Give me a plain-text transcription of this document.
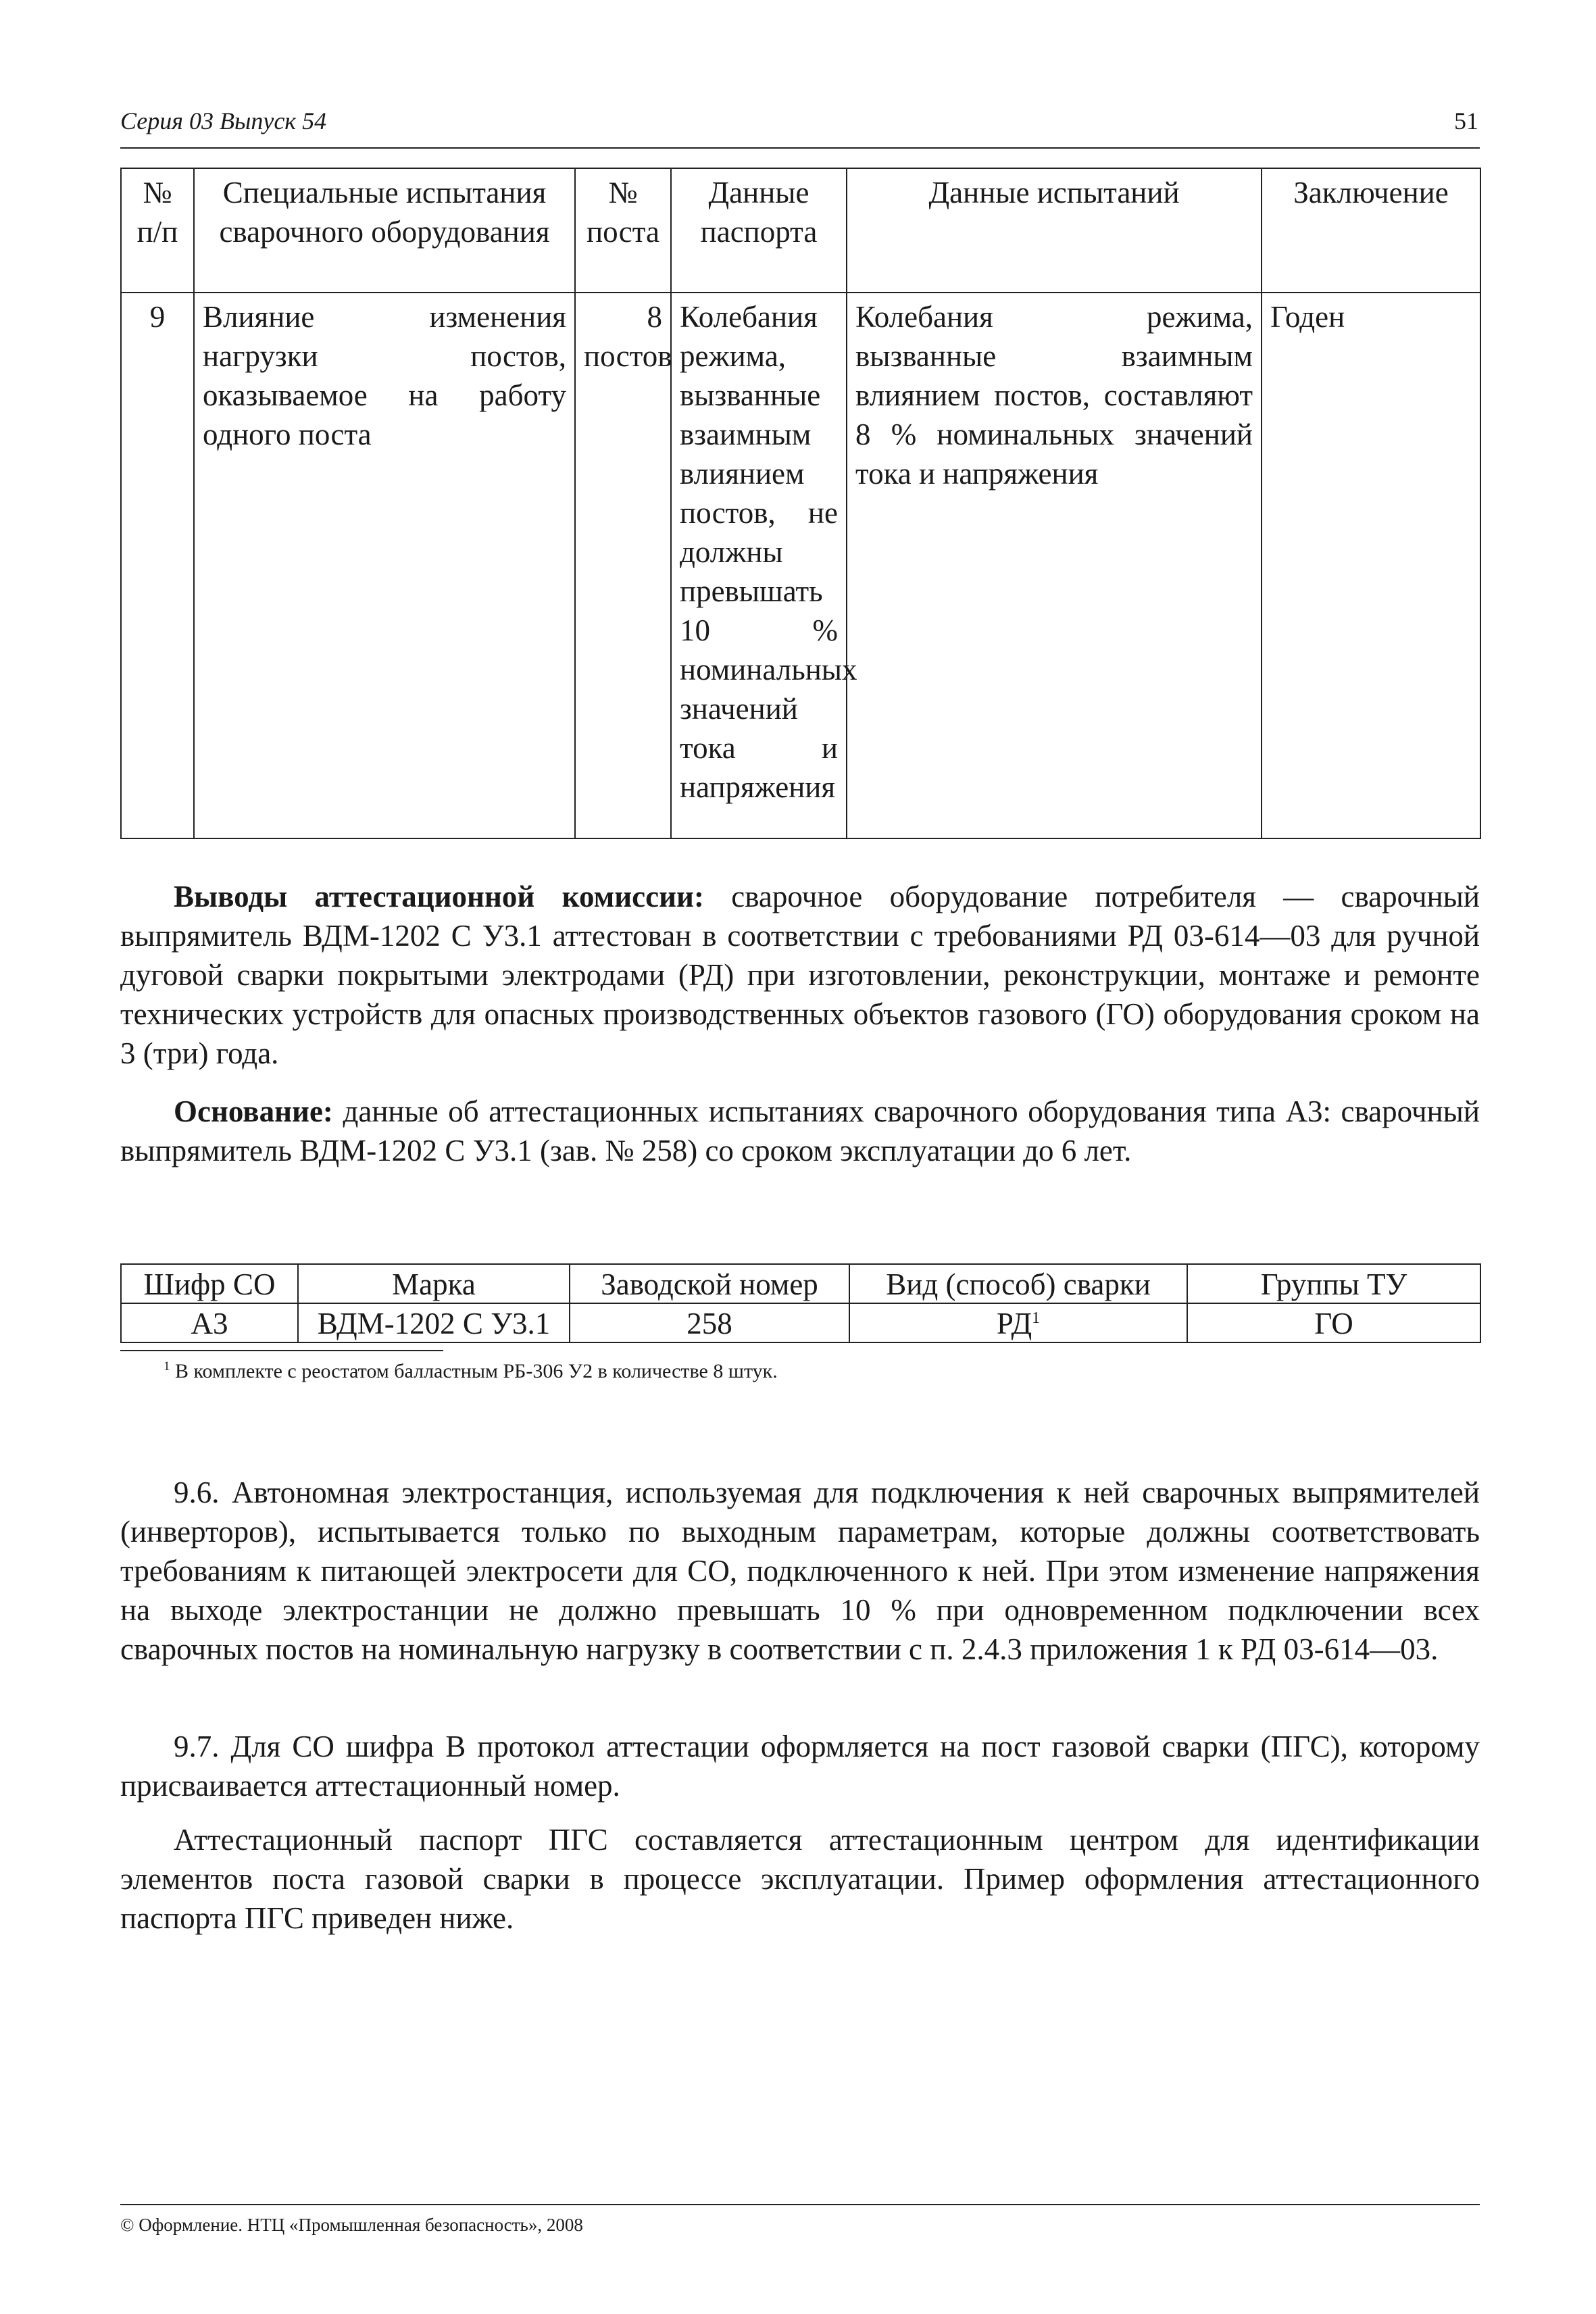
Серия 03 Выпуск 54	51
№ п/п	Специальные испытания сварочного оборудования	№ поста	Данные паспорта	Данные испытаний	Заключение
9	Влияние изменения нагрузки постов, оказываемое на работу одного поста	8 постов	Колебания режима, вызванные взаимным влиянием постов, не должны превышать 10 % номинальных значений тока и напряжения	Колебания режима, вызванные взаимным влиянием постов, составляют 8 % номинальных значений тока и напряжения	Годен

Выводы аттестационной комиссии: сварочное оборудование потребителя — сварочный выпрямитель ВДМ-1202 С У3.1 аттестован в соответствии с требованиями РД 03-614—03 для ручной дуговой сварки покрытыми электродами (РД) при изготовлении, реконструкции, монтаже и ремонте технических устройств для опасных производственных объектов газового (ГО) оборудования сроком на 3 (три) года.

Основание: данные об аттестационных испытаниях сварочного оборудования типа А3: сварочный выпрямитель ВДМ-1202 С У3.1 (зав. № 258) со сроком эксплуатации до 6 лет.

Шифр СО	Марка	Заводской номер	Вид (способ) сварки	Группы ТУ
А3	ВДМ-1202 С У3.1	258	$РД^1$	ГО
$^1$ В комплекте с реостатом балластным РБ-306 У2 в количестве 8 штук.

9.6. Автономная электростанция, используемая для подключения к ней сварочных выпрямителей (инверторов), испытывается только по выходным параметрам, которые должны соответствовать требованиям к питающей электросети для СО, подключенного к ней. При этом изменение напряжения на выходе электростанции не должно превышать 10 % при одновременном подключении всех сварочных постов на номинальную нагрузку в соответствии с п. 2.4.3 приложения 1 к РД 03-614—03.

9.7. Для СО шифра В протокол аттестации оформляется на пост газовой сварки (ПГС), которому присваивается аттестационный номер.

Аттестационный паспорт ПГС составляется аттестационным центром для идентификации элементов поста газовой сварки в процессе эксплуатации. Пример оформления аттестационного паспорта ПГС приведен ниже.

© Оформление. НТЦ «Промышленная безопасность», 2008
